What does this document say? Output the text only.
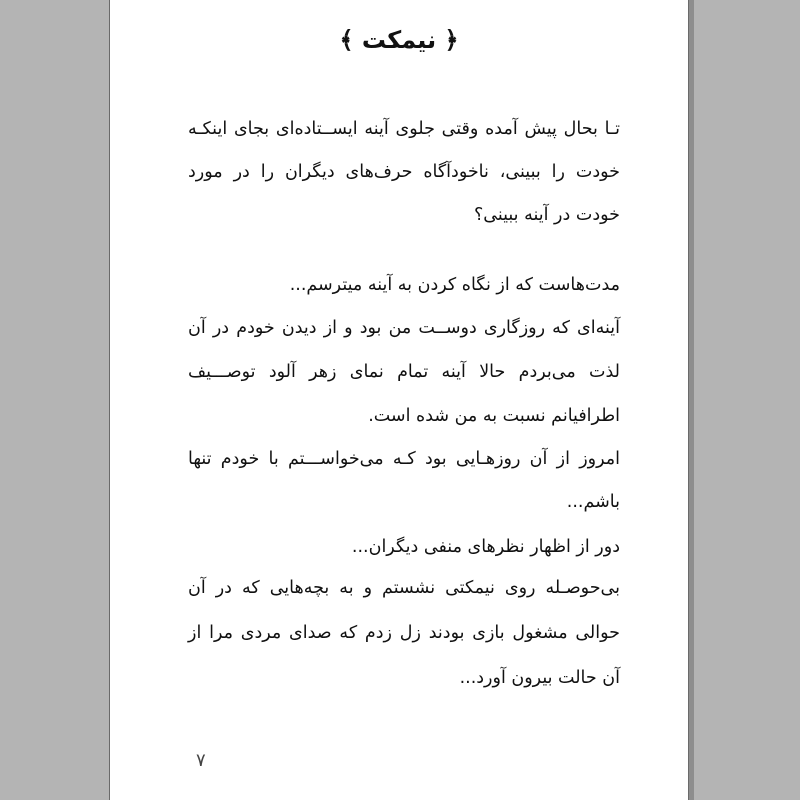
﴿ نیمکت ﴾

تـا بحال پیش آمده وقتی جلوی آینه ایســتاده‌ای بجای اینکـه خودت را ببینی، ناخودآگاه حرف‌های دیگران را در مورد خودت در آینه ببینی؟

مدت‌هاست که از نگاه کردن به آینه میترسم...

آینه‌ای که روزگاری دوســت من بود و از دیدن خودم در آن لذت می‌بردم حالا آینه تمام نمای زهر آلود توصـــیف اطرافیانم نسبت به من شده است.

امروز از آن روزهـایی بود کـه می‌خواســـتم با خودم تنها باشم...

دور از اظهار نظرهای منفی دیگران...

بی‌حوصـله روی نیمکتی نشستم و به بچه‌هایی که در آن حوالی مشغول بازی بودند زل زدم که صدای مردی مرا از آن حالت بیرون آورد...

۷
